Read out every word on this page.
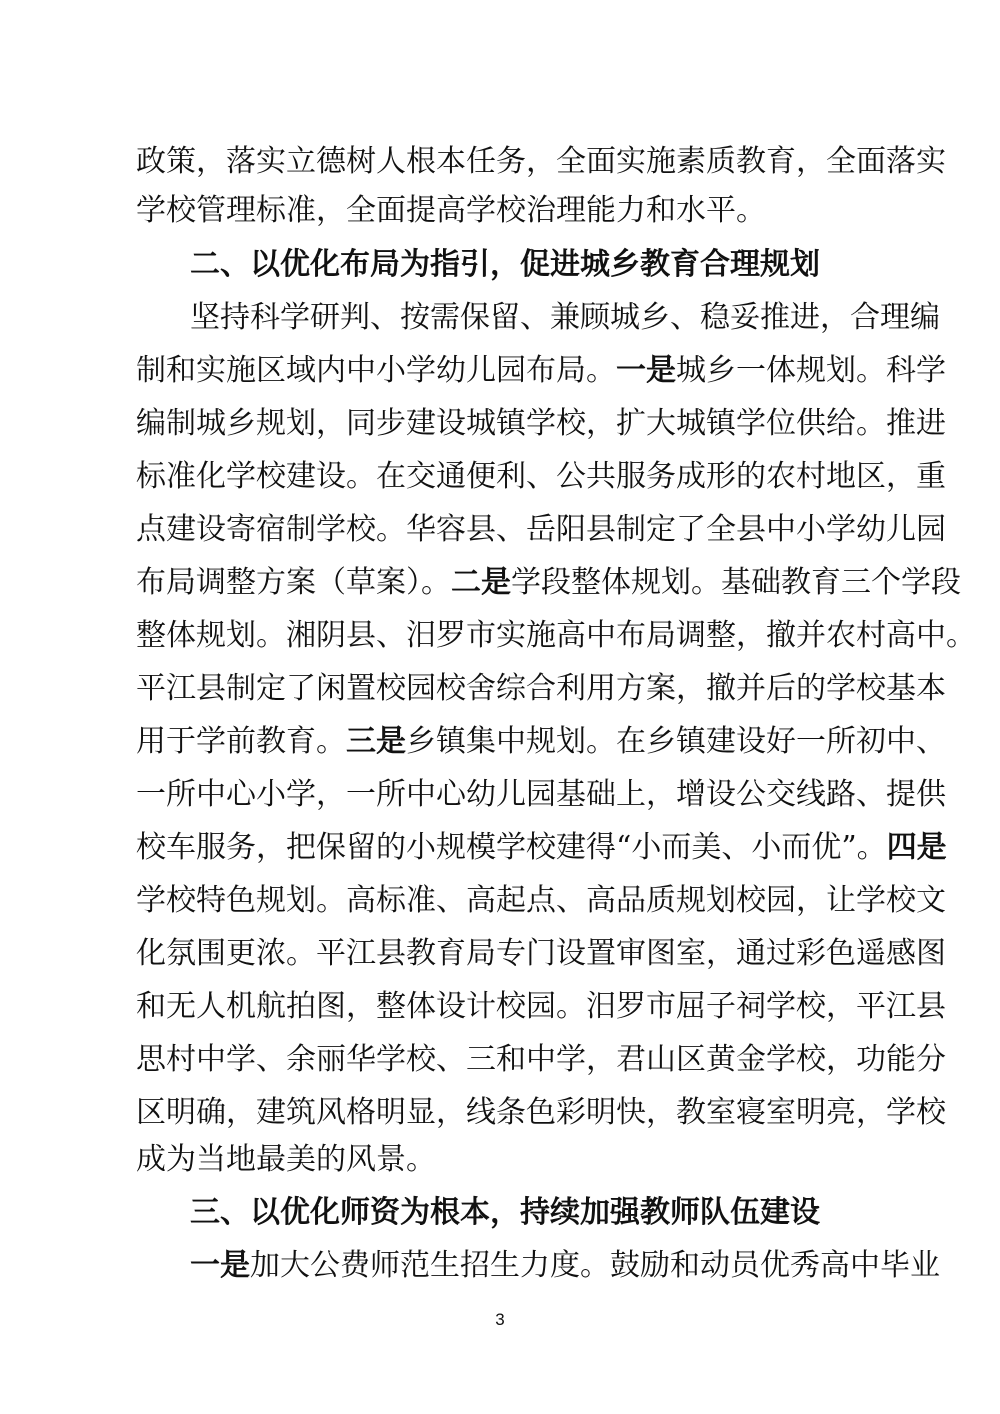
政策，落实立德树人根本任务，全面实施素质教育，全面落实
学校管理标准，全面提高学校治理能力和水平。
二、以优化布局为指引，促进城乡教育合理规划
坚持科学研判、按需保留、兼顾城乡、稳妥推进，合理编
制和实施区域内中小学幼儿园布局。一是城乡一体规划。科学
编制城乡规划，同步建设城镇学校，扩大城镇学位供给。推进
标准化学校建设。在交通便利、公共服务成形的农村地区，重
点建设寄宿制学校。华容县、岳阳县制定了全县中小学幼儿园
布局调整方案（草案）。二是学段整体规划。基础教育三个学段
整体规划。湘阴县、汨罗市实施高中布局调整，撤并农村高中。
平江县制定了闲置校园校舍综合利用方案，撤并后的学校基本
用于学前教育。三是乡镇集中规划。在乡镇建设好一所初中、
一所中心小学，一所中心幼儿园基础上，增设公交线路、提供
校车服务，把保留的小规模学校建得“小而美、小而优”。四是
学校特色规划。高标准、高起点、高品质规划校园，让学校文
化氛围更浓。平江县教育局专门设置审图室，通过彩色遥感图
和无人机航拍图，整体设计校园。汨罗市屈子祠学校，平江县
思村中学、余丽华学校、三和中学，君山区黄金学校，功能分
区明确，建筑风格明显，线条色彩明快，教室寝室明亮，学校
成为当地最美的风景。
三、以优化师资为根本，持续加强教师队伍建设
一是加大公费师范生招生力度。鼓励和动员优秀高中毕业
3
